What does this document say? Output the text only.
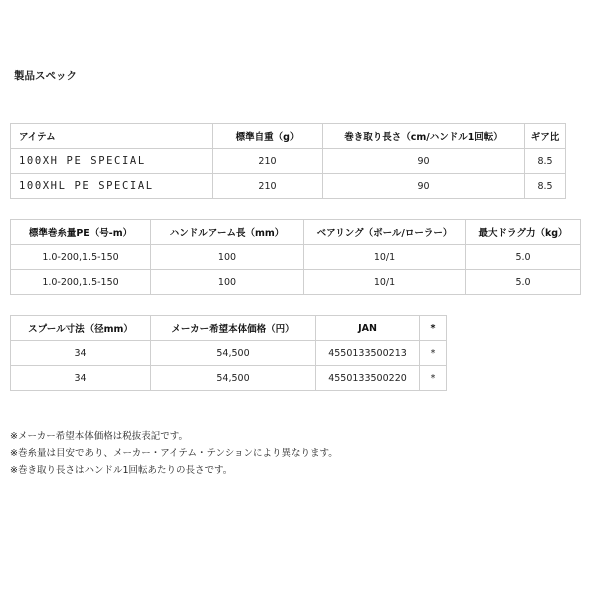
製品スペック
アイテム	標準自重（g）	巻き取り長さ（cm/ハンドル1回転）	ギア比
100XH PE SPECIAL	210	90	8.5
100XHL PE SPECIAL	210	90	8.5
標準巻糸量PE（号-m）	ハンドルアーム長（mm）	ベアリング（ボール/ローラー）	最大ドラグ力（kg）
1.0-200,1.5-150	100	10/1	5.0
1.0-200,1.5-150	100	10/1	5.0
スプール寸法（径mm）	メーカー希望本体価格（円）	JAN	*
34	54,500	4550133500213	*
34	54,500	4550133500220	*
※メーカー希望本体価格は税抜表記です。
※巻糸量は目安であり、メーカー・アイテム・テンションにより異なります。
※巻き取り長さはハンドル1回転あたりの長さです。
